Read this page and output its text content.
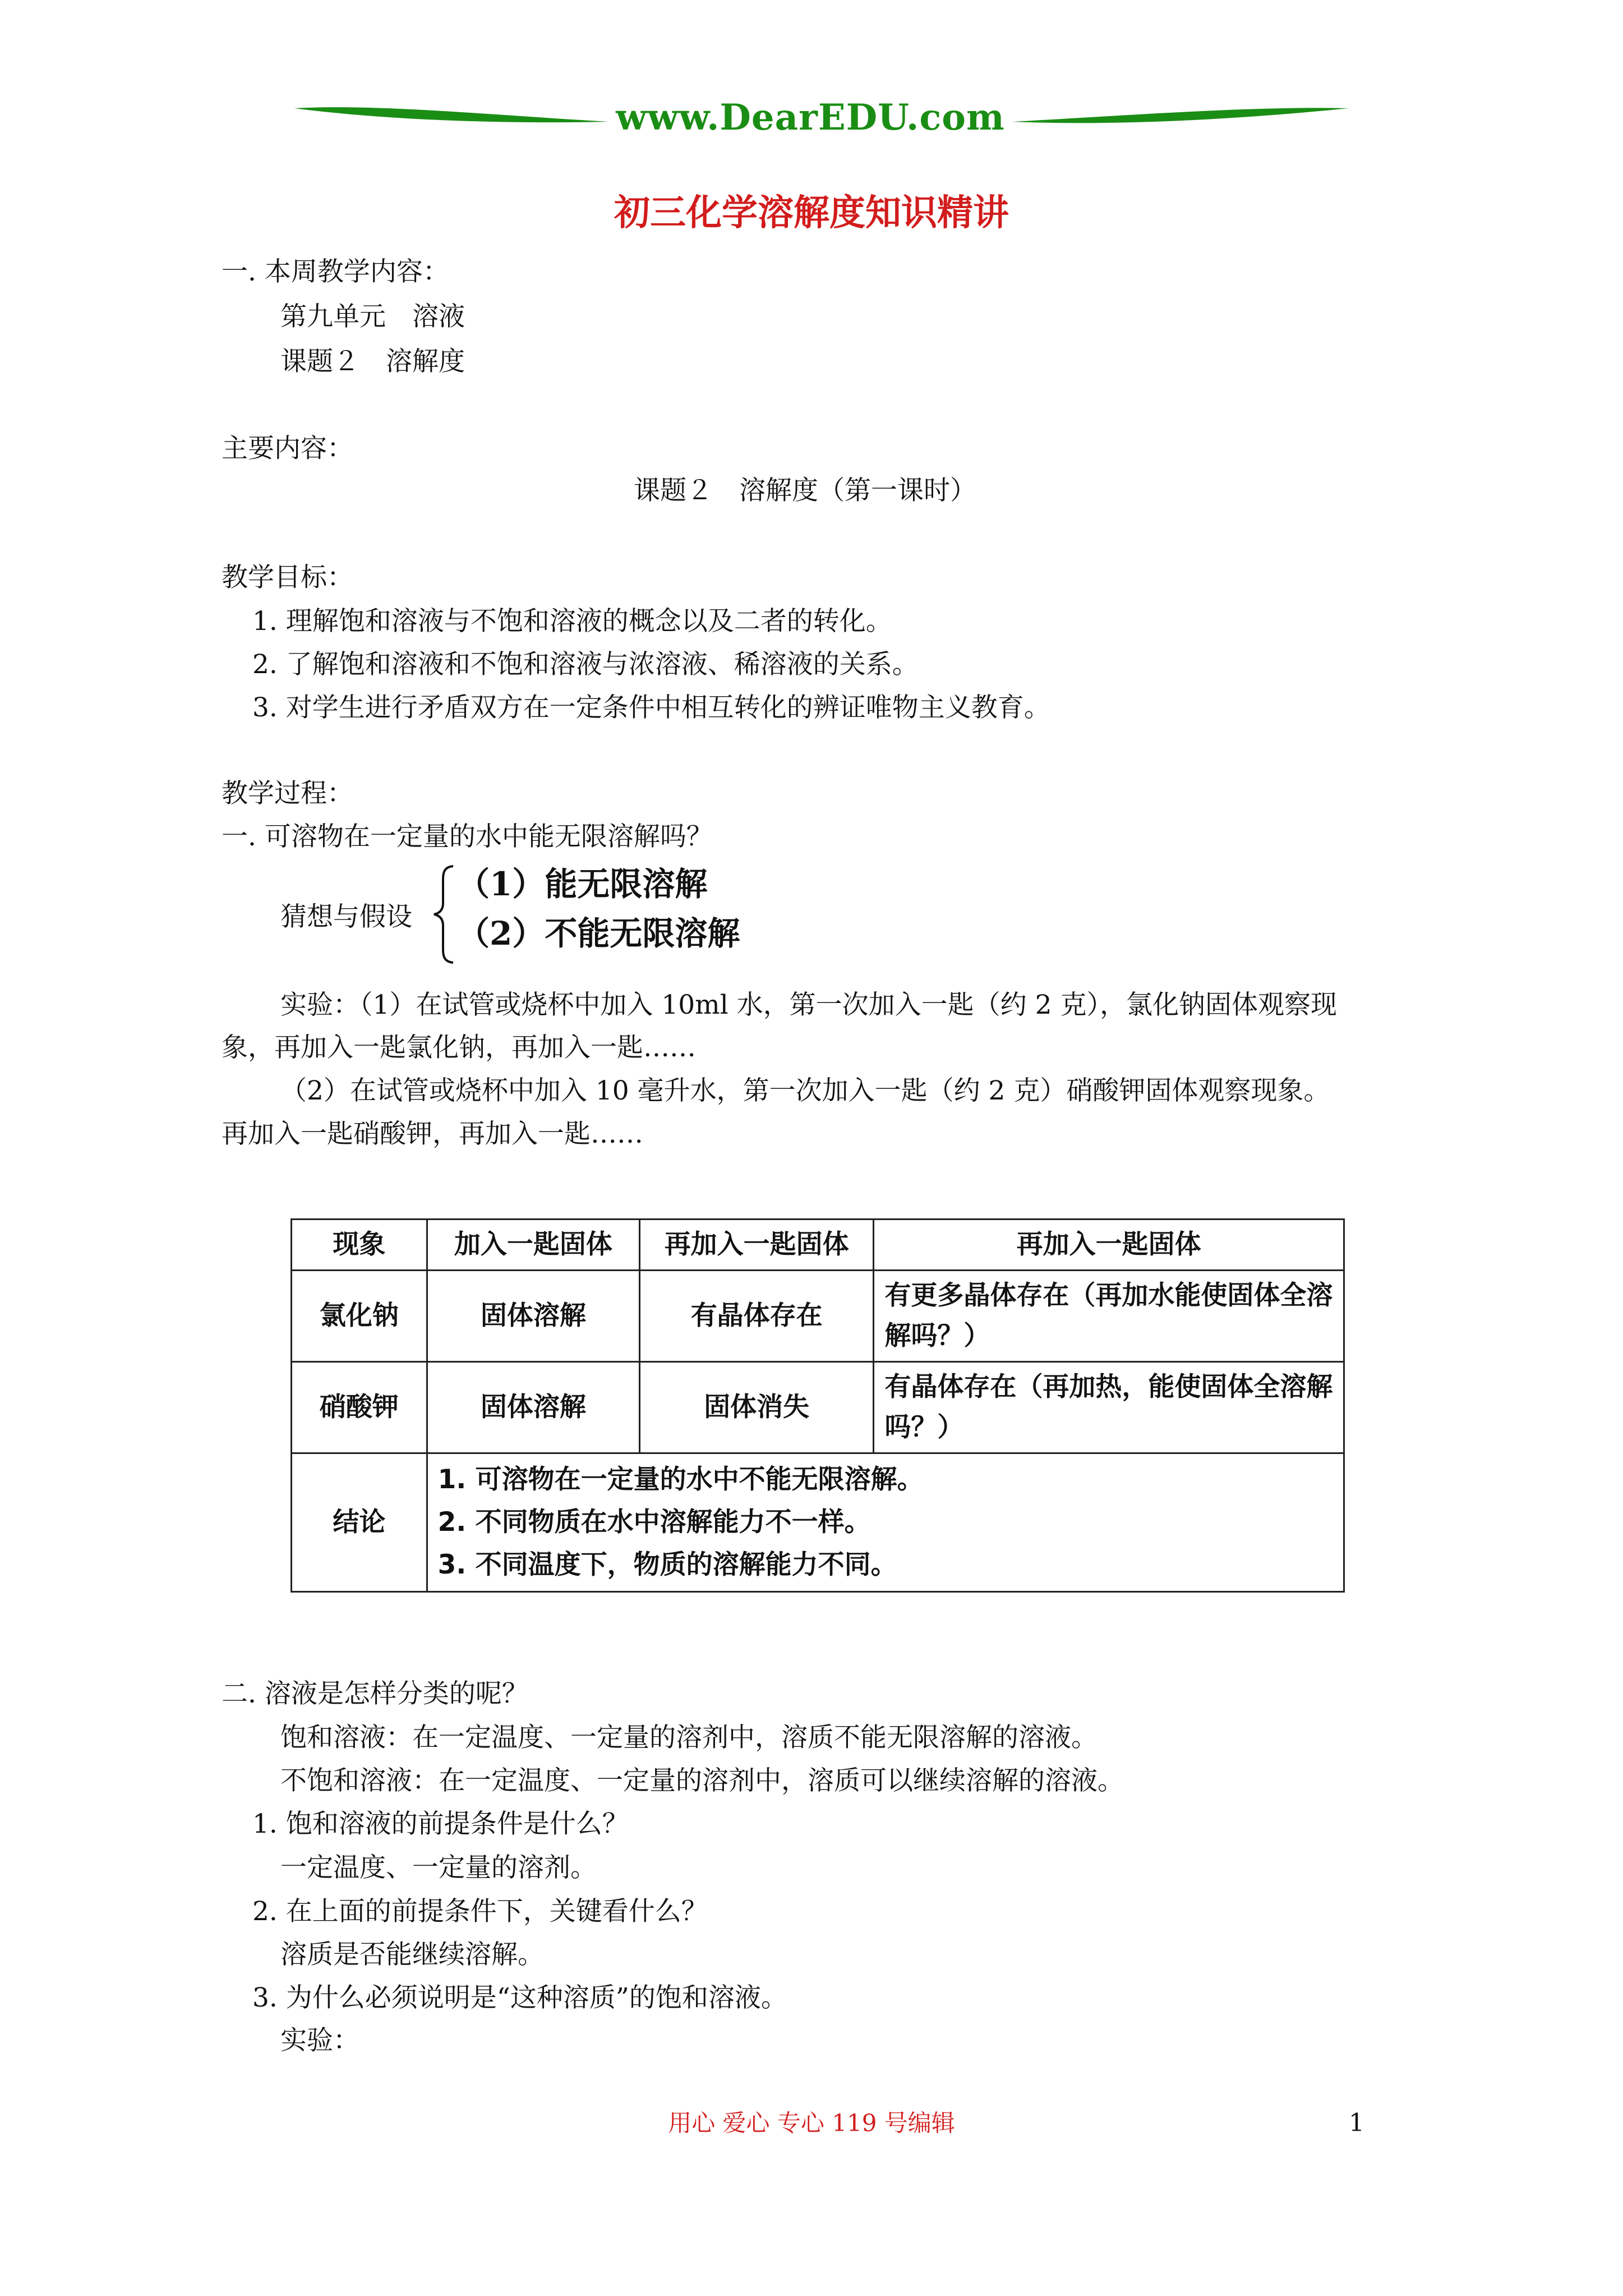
www.DearEDU.com
初三化学溶解度知识精讲
一. 本周教学内容：
第九单元　溶液
课题２　溶解度
主要内容：
课题２　溶解度（第一课时）
教学目标：
1. 理解饱和溶液与不饱和溶液的概念以及二者的转化。
2. 了解饱和溶液和不饱和溶液与浓溶液、稀溶液的关系。
3. 对学生进行矛盾双方在一定条件中相互转化的辨证唯物主义教育。
教学过程：
一. 可溶物在一定量的水中能无限溶解吗？
猜想与假设
（1）能无限溶解
（2）不能无限溶解
实验：（1）在试管或烧杯中加入 10ml 水，第一次加入一匙（约 2 克），氯化钠固体观察现
象，再加入一匙氯化钠，再加入一匙……
（2）在试管或烧杯中加入 10 毫升水，第一次加入一匙（约 2 克）硝酸钾固体观察现象。
再加入一匙硝酸钾，再加入一匙……
现象	加入一匙固体	再加入一匙固体	再加入一匙固体
氯化钠	固体溶解	有晶体存在	有更多晶体存在（再加水能使固体全溶解吗？）
硝酸钾	固体溶解	固体消失	有晶体存在（再加热，能使固体全溶解吗？）
结论	1. 可溶物在一定量的水中不能无限溶解。
2. 不同物质在水中溶解能力不一样。
3. 不同温度下，物质的溶解能力不同。		
二. 溶液是怎样分类的呢？
饱和溶液：在一定温度、一定量的溶剂中，溶质不能无限溶解的溶液。
不饱和溶液：在一定温度、一定量的溶剂中，溶质可以继续溶解的溶液。
1. 饱和溶液的前提条件是什么？
一定温度、一定量的溶剂。
2. 在上面的前提条件下，关键看什么？
溶质是否能继续溶解。
3. 为什么必须说明是“这种溶质”的饱和溶液。
实验：
用心 爱心 专心 119 号编辑	1
